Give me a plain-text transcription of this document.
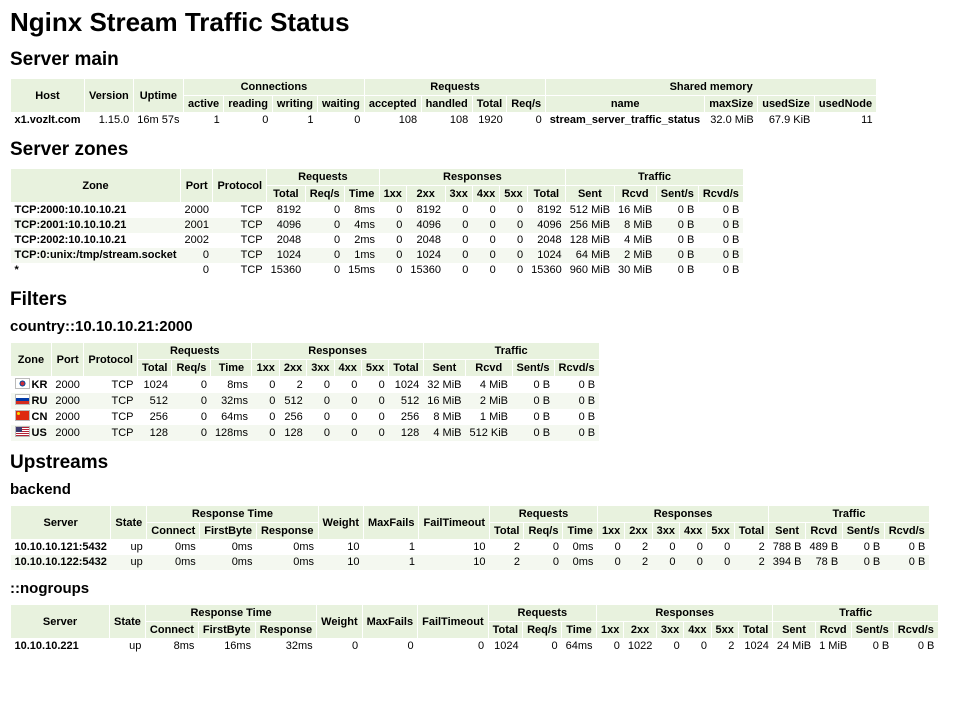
Nginx Stream Traffic Status
Server main
Host	Version	Uptime	Connections				Requests				Shared memory			
			active	reading	writing	waiting	accepted	handled	Total	Req/s	name	maxSize	usedSize	usedNode
x1.vozlt.com	1.15.0	16m 57s	1	0	1	0	108	108	1920	0	stream_server_traffic_status	32.0 MiB	67.9 KiB	11
Server zones
Zone	Port	Protocol	Requests			Responses						Traffic			
			Total	Req/s	Time	1xx	2xx	3xx	4xx	5xx	Total	Sent	Rcvd	Sent/s	Rcvd/s
TCP:2000:10.10.10.21	2000	TCP	8192	0	8ms	0	8192	0	0	0	8192	512 MiB	16 MiB	0 B	0 B
TCP:2001:10.10.10.21	2001	TCP	4096	0	4ms	0	4096	0	0	0	4096	256 MiB	8 MiB	0 B	0 B
TCP:2002:10.10.10.21	2002	TCP	2048	0	2ms	0	2048	0	0	0	2048	128 MiB	4 MiB	0 B	0 B
TCP:0:unix:/tmp/stream.socket	0	TCP	1024	0	1ms	0	1024	0	0	0	1024	64 MiB	2 MiB	0 B	0 B
*	0	TCP	15360	0	15ms	0	15360	0	0	0	15360	960 MiB	30 MiB	0 B	0 B
Filters
country::10.10.10.21:2000
Zone	Port	Protocol	Requests			Responses						Traffic			
			Total	Req/s	Time	1xx	2xx	3xx	4xx	5xx	Total	Sent	Rcvd	Sent/s	Rcvd/s
KR	2000	TCP	1024	0	8ms	0	2	0	0	0	1024	32 MiB	4 MiB	0 B	0 B
RU	2000	TCP	512	0	32ms	0	512	0	0	0	512	16 MiB	2 MiB	0 B	0 B
CN	2000	TCP	256	0	64ms	0	256	0	0	0	256	8 MiB	1 MiB	0 B	0 B
US	2000	TCP	128	0	128ms	0	128	0	0	0	128	4 MiB	512 KiB	0 B	0 B
Upstreams
backend
Server	State	Response Time			Weight	MaxFails	FailTimeout	Requests			Responses						Traffic			
		Connect	FirstByte	Response				Total	Req/s	Time	1xx	2xx	3xx	4xx	5xx	Total	Sent	Rcvd	Sent/s	Rcvd/s
10.10.10.121:5432	up	0ms	0ms	0ms	10	1	10	2	0	0ms	0	2	0	0	0	2	788 B	489 B	0 B	0 B
10.10.10.122:5432	up	0ms	0ms	0ms	10	1	10	2	0	0ms	0	2	0	0	0	2	394 B	78 B	0 B	0 B
::nogroups
Server	State	Response Time			Weight	MaxFails	FailTimeout	Requests			Responses						Traffic			
		Connect	FirstByte	Response				Total	Req/s	Time	1xx	2xx	3xx	4xx	5xx	Total	Sent	Rcvd	Sent/s	Rcvd/s
10.10.10.221	up	8ms	16ms	32ms	0	0	0	1024	0	64ms	0	1022	0	0	2	1024	24 MiB	1 MiB	0 B	0 B
